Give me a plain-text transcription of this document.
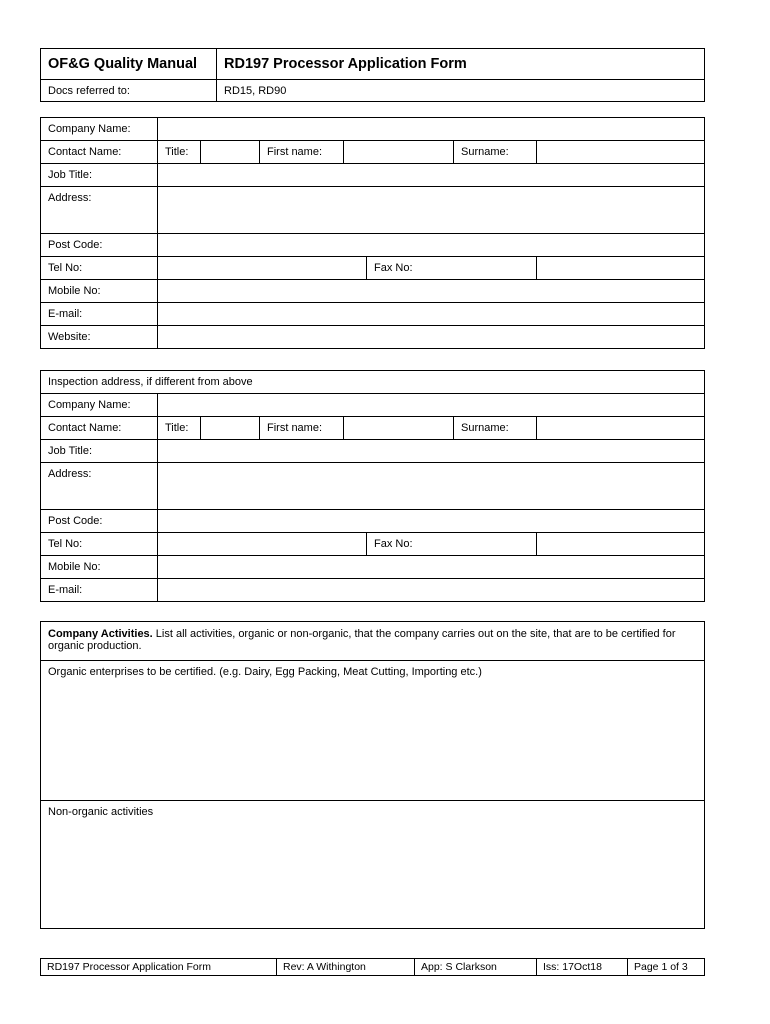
OF&G Quality Manual	RD197 Processor Application Form
Docs referred to:	RD15, RD90
Company Name:							
Contact Name:	Title:		First name:			Surname:	
Job Title:							
Address:							
Post Code:							
Tel No:					Fax No:		
Mobile No:							
E-mail:							
Website:							
Inspection address, if different from above							
Company Name:							
Contact Name:	Title:		First name:			Surname:	
Job Title:							
Address:							
Post Code:							
Tel No:					Fax No:		
Mobile No:							
E-mail:							
Company Activities. List all activities, organic or non-organic, that the company carries out on the site, that are to be certified for organic production.
Organic enterprises to be certified. (e.g. Dairy, Egg Packing, Meat Cutting, Importing etc.)
Non-organic activities
RD197 Processor Application Form	Rev: A Withington	App: S Clarkson	Iss: 17Oct18	Page 1 of 3
